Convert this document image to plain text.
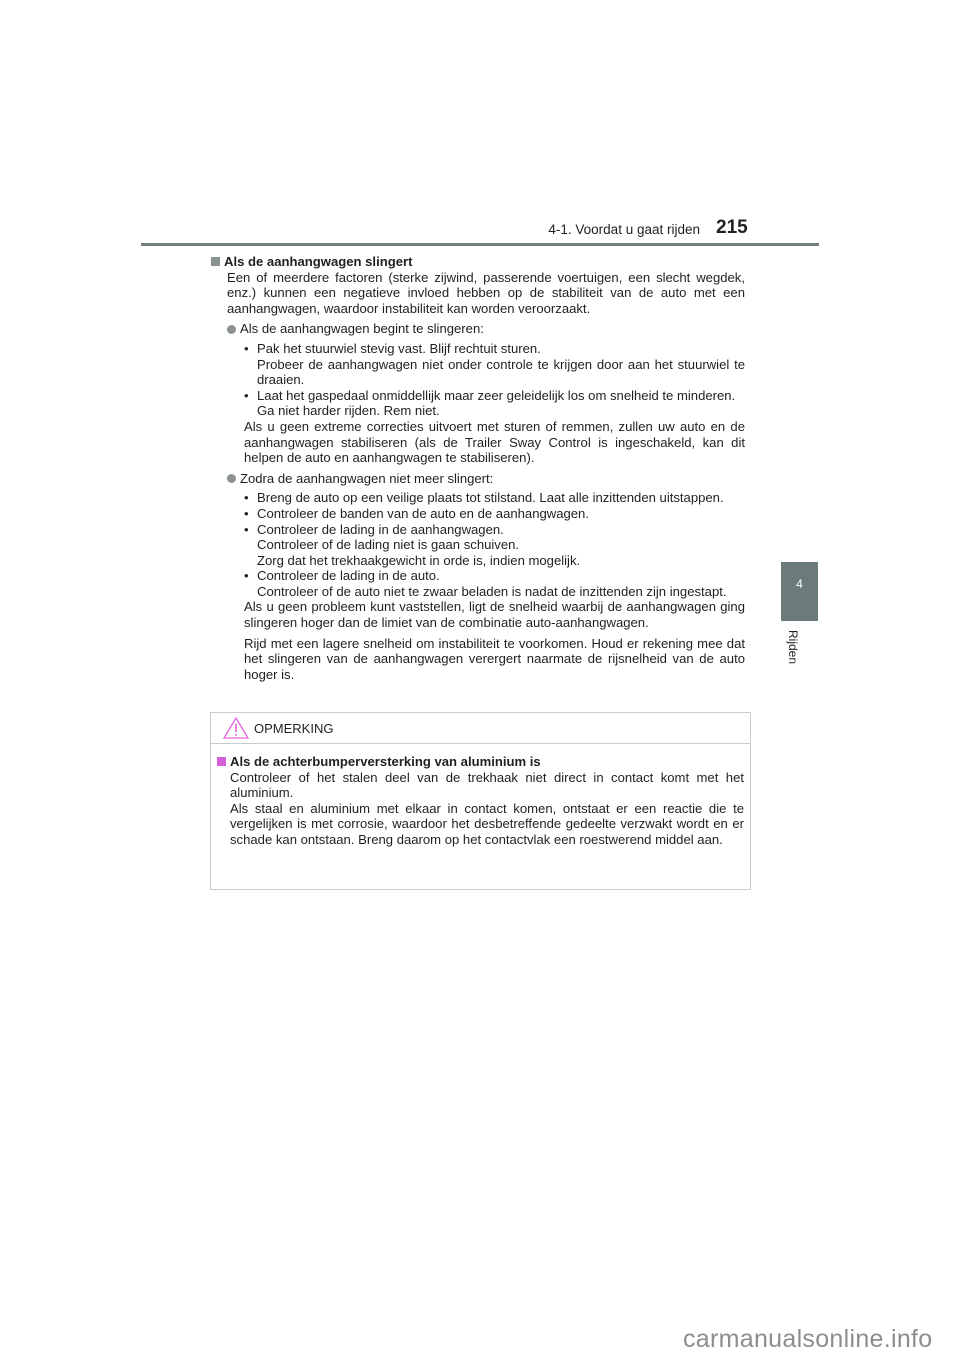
4-1. Voordat u gaat rijden 215
4
Rijden
Als de aanhangwagen slingert

Een of meerdere factoren (sterke zijwind, passerende voertuigen, een slecht wegdek, enz.) kunnen een negatieve invloed hebben op de stabiliteit van de auto met een aanhangwagen, waardoor instabiliteit kan worden veroorzaakt.

Als de aanhangwagen begint te slingeren:
• Pak het stuurwiel stevig vast. Blijf rechtuit sturen.

Probeer de aanhangwagen niet onder controle te krijgen door aan het stuurwiel te draaien.

• Laat het gaspedaal onmiddellijk maar zeer geleidelijk los om snelheid te minderen.

Ga niet harder rijden. Rem niet.

Als u geen extreme correcties uitvoert met sturen of remmen, zullen uw auto en de aanhangwagen stabiliseren (als de Trailer Sway Control is ingeschakeld, kan dit helpen de auto en aanhangwagen te stabiliseren).

Zodra de aanhangwagen niet meer slingert:
• Breng de auto op een veilige plaats tot stilstand. Laat alle inzittenden uitstappen.
• Controleer de banden van de auto en de aanhangwagen.
• Controleer de lading in de aanhangwagen.

Controleer of de lading niet is gaan schuiven.

Zorg dat het trekhaakgewicht in orde is, indien mogelijk.

• Controleer de lading in de auto.

Controleer of de auto niet te zwaar beladen is nadat de inzittenden zijn ingestapt.

Als u geen probleem kunt vaststellen, ligt de snelheid waarbij de aanhangwagen ging slingeren hoger dan de limiet van de combinatie auto-aanhangwagen.

Rijd met een lagere snelheid om instabiliteit te voorkomen. Houd er rekening mee dat het slingeren van de aanhangwagen verergert naarmate de rijsnelheid van de auto hoger is.

OPMERKING
Als de achterbumperversterking van aluminium is

Controleer of het stalen deel van de trekhaak niet direct in contact komt met het aluminium.

Als staal en aluminium met elkaar in contact komen, ontstaat er een reactie die te vergelijken is met corrosie, waardoor het desbetreffende gedeelte verzwakt wordt en er schade kan ontstaan. Breng daarom op het contactvlak een roestwerend middel aan.

carmanualsonline.info
